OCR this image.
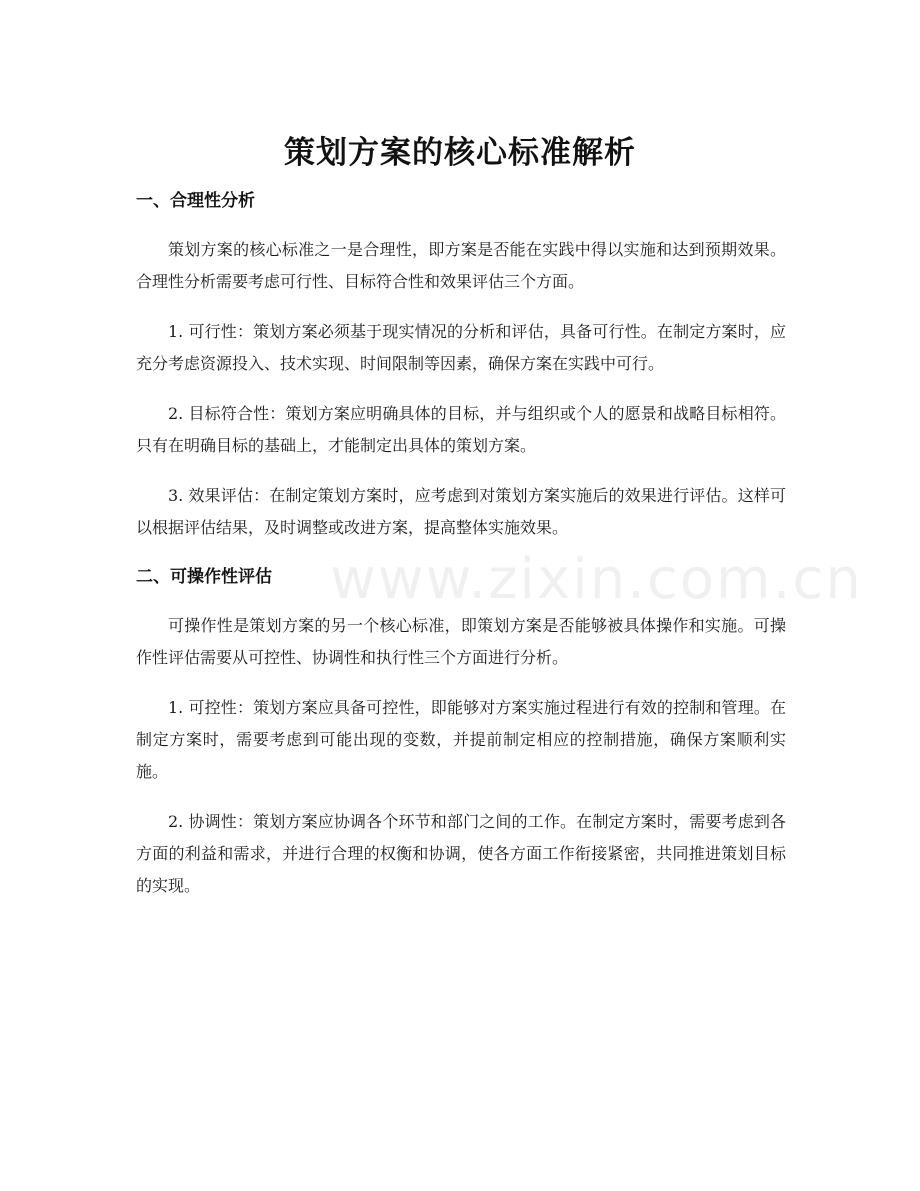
www.zixin.com.cn
策划方案的核心标准解析
一、合理性分析

策划方案的核心标准之一是合理性，即方案是否能在实践中得以实施和达到预期效果。合理性分析需要考虑可行性、目标符合性和效果评估三个方面。

1. 可行性：策划方案必须基于现实情况的分析和评估，具备可行性。在制定方案时，应充分考虑资源投入、技术实现、时间限制等因素，确保方案在实践中可行。

2. 目标符合性：策划方案应明确具体的目标，并与组织或个人的愿景和战略目标相符。只有在明确目标的基础上，才能制定出具体的策划方案。

3. 效果评估：在制定策划方案时，应考虑到对策划方案实施后的效果进行评估。这样可以根据评估结果，及时调整或改进方案，提高整体实施效果。

二、可操作性评估

可操作性是策划方案的另一个核心标准，即策划方案是否能够被具体操作和实施。可操作性评估需要从可控性、协调性和执行性三个方面进行分析。

1. 可控性：策划方案应具备可控性，即能够对方案实施过程进行有效的控制和管理。在制定方案时，需要考虑到可能出现的变数，并提前制定相应的控制措施，确保方案顺利实施。

2. 协调性：策划方案应协调各个环节和部门之间的工作。在制定方案时，需要考虑到各方面的利益和需求，并进行合理的权衡和协调，使各方面工作衔接紧密，共同推进策划目标的实现。
